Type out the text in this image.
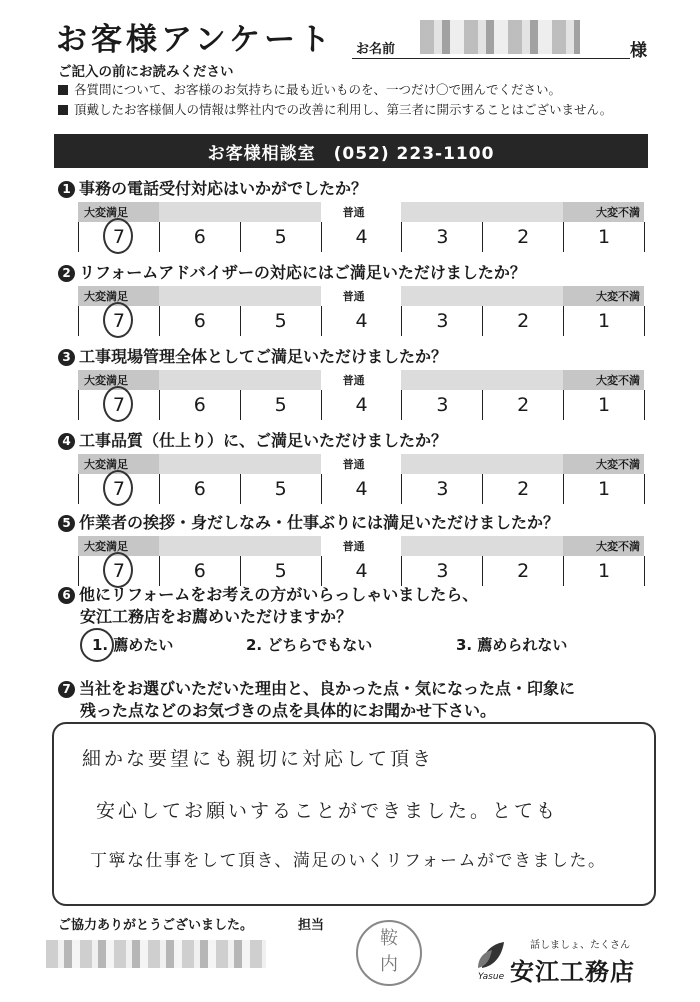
お客様アンケート お名前	様
ご記入の前にお読みください
各質問について、お客様のお気持ちに最も近いものを、一つだけ〇で囲んでください。
頂戴したお客様個人の情報は弊社内での改善に利用し、第三者に開示することはございません。
お客様相談室　(052) 223-1100
1 事務の電話受付対応はいかがでしたか？
大変満足	普通	大変不満
7	6	5	4	3	2	1
2 リフォームアドバイザーの対応にはご満足いただけましたか？
大変満足	普通	大変不満
7	6	5	4	3	2	1
3 工事現場管理全体としてご満足いただけましたか？
大変満足	普通	大変不満
7	6	5	4	3	2	1
4 工事品質（仕上り）に、ご満足いただけましたか？
大変満足	普通	大変不満
7	6	5	4	3	2	1
5 作業者の挨拶・身だしなみ・仕事ぶりには満足いただけましたか？
大変満足	普通	大変不満
7	6	5	4	3	2	1
6 他にリフォームをお考えの方がいらっしゃいましたら、
安江工務店をお薦めいただけますか？
1. 薦めたい	2. どちらでもない	3. 薦められない
7 当社をお選びいただいた理由と、良かった点・気になった点・印象に
残った点などのお気づきの点を具体的にお聞かせ下さい。
細かな要望にも親切に対応して頂き
安心してお願いすることができました。とても
丁寧な仕事をして頂き、満足のいくリフォームができました。
ご協力ありがとうございました。	担当
鞍
内
話しましょ、たくさん
安江工務店
Yasue
